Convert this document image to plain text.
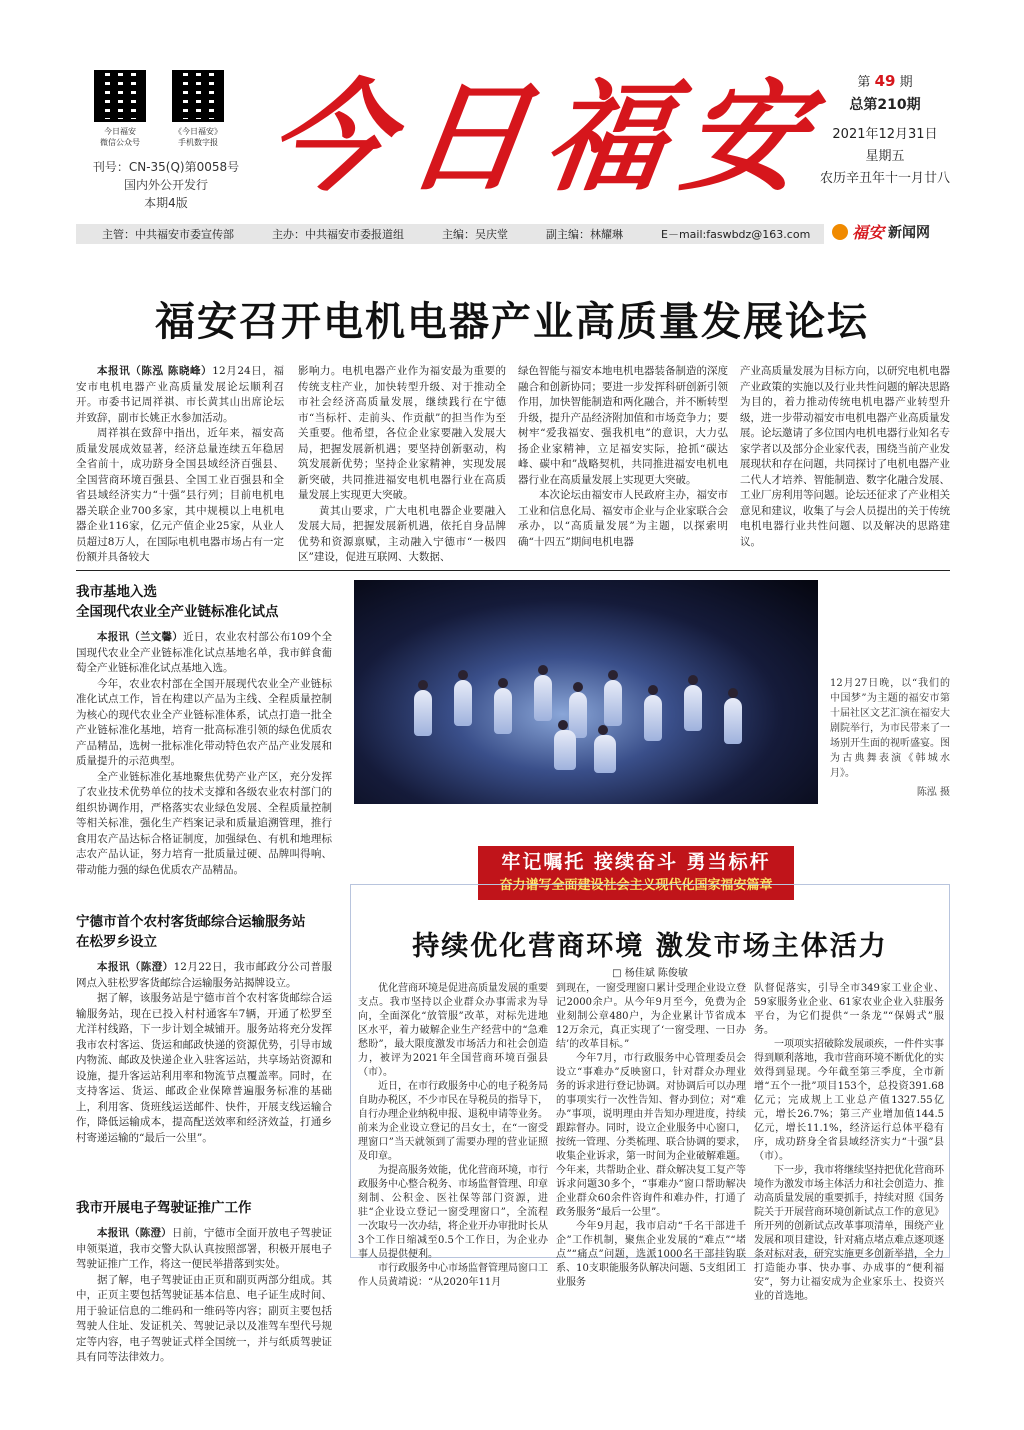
今日福安
微信公众号
《今日福安》
手机数字报
刊号：CN-35(Q)第0058号
国内外公开发行
本期4版 今日福安	第 49 期
总第210期
2021年12月31日
星期五
农历辛丑年十一月廿八
主管：中共福安市委宣传部	主办：中共福安市委报道组	主编：吴庆堂	副主编：林耀琳	E－mail:faswbdz@163.com	福安 新闻网
福安召开电机电器产业高质量发展论坛

本报讯（陈泓 陈晓峰）12月24日，福安市电机电器产业高质量发展论坛顺利召开。市委书记周祥祺、市长黄其山出席论坛并致辞，副市长姚正水参加活动。

周祥祺在致辞中指出，近年来，福安高质量发展成效显著，经济总量连续五年稳居全省前十，成功跻身全国县域经济百强县、全国营商环境百强县、全国工业百强县和全省县域经济实力“十强”县行列；目前电机电器关联企业700多家，其中规模以上电机电器企业116家，亿元产值企业25家，从业人员超过8万人，在国际电机电器市场占有一定份额并具备较大

影响力。电机电器产业作为福安最为重要的传统支柱产业，加快转型升级、对于推动全市社会经济高质量发展，继续践行在宁德市“当标杆、走前头、作贡献”的担当作为至关重要。他希望，各位企业家要融入发展大局，把握发展新机遇；要坚持创新驱动，构筑发展新优势；坚持企业家精神，实现发展新突破，共同推进福安电机电器行业在高质量发展上实现更大突破。

黄其山要求，广大电机电器企业要融入发展大局，把握发展新机遇，依托自身品牌优势和资源禀赋，主动融入宁德市“一极四区”建设，促进互联网、大数据、

绿色智能与福安本地电机电器装备制造的深度融合和创新协同；要进一步发挥科研创新引领作用，加快智能制造和两化融合，并不断转型升级，提升产品经济附加值和市场竞争力；要树牢“爱我福安、强我机电”的意识，大力弘扬企业家精神，立足福安实际，抢抓“碳达峰、碳中和”战略契机，共同推进福安电机电器行业在高质量发展上实现更大突破。

本次论坛由福安市人民政府主办，福安市工业和信息化局、福安市企业与企业家联合会承办，以“高质量发展”为主题，以探索明确“十四五”期间电机电器

产业高质量发展为目标方向，以研究电机电器产业政策的实施以及行业共性问题的解决思路为目的，着力推动传统电机电器产业转型升级，进一步带动福安市电机电器产业高质量发展。论坛邀请了多位国内电机电器行业知名专家学者以及部分企业家代表，围绕当前产业发展现状和存在问题，共同探讨了电机电器产业二代人才培养、智能制造、数字化融合发展、工业厂房利用等问题。论坛还征求了产业相关意见和建议，收集了与会人员提出的关于传统电机电器行业共性问题、以及解决的思路建议。

我市基地入选
全国现代农业全产业链标准化试点

本报讯（兰文馨）近日，农业农村部公布109个全国现代农业全产业链标准化试点基地名单，我市鲜食葡萄全产业链标准化试点基地入选。

今年，农业农村部在全国开展现代农业全产业链标准化试点工作，旨在构建以产品为主线、全程质量控制为核心的现代农业全产业链标准体系，试点打造一批全产业链标准化基地，培育一批高标准引领的绿色优质农产品精品，选树一批标准化带动特色农产品产业发展和质量提升的示范典型。

全产业链标准化基地聚焦优势产业产区，充分发挥了农业技术优势单位的技术支撑和各级农业农村部门的组织协调作用，严格落实农业绿色发展、全程质量控制等相关标准，强化生产档案记录和质量追溯管理，推行食用农产品达标合格证制度，加强绿色、有机和地理标志农产品认证，努力培育一批质量过硬、品牌叫得响、带动能力强的绿色优质农产品精品。

宁德市首个农村客货邮综合运输服务站
在松罗乡设立

本报讯（陈澄）12月22日，我市邮政分公司普服网点入驻松罗客货邮综合运输服务站揭牌设立。

据了解，该服务站是宁德市首个农村客货邮综合运输服务站，现在已投入村村通客车7辆，开通了松罗至尤洋村线路，下一步计划全城铺开。服务站将充分发挥我市农村客运、货运和邮政快递的资源优势，引导市域内物流、邮政及快递企业入驻客运站，共享场站资源和设施，提升客运站利用率和物流节点覆盖率。同时，在支持客运、货运、邮政企业保障普遍服务标准的基础上，利用客、货班线运送邮件、快件，开展支线运输合作，降低运输成本，提高配送效率和经济效益，打通乡村寄递运输的“最后一公里”。

我市开展电子驾驶证推广工作

本报讯（陈澄）日前，宁德市全面开放电子驾驶证申领渠道，我市交警大队认真按照部署，积极开展电子驾驶证推广工作，将这一便民举措落到实处。

据了解，电子驾驶证由正页和副页两部分组成。其中，正页主要包括驾驶证基本信息、电子证生成时间、用于验证信息的二维码和一维码等内容；副页主要包括驾驶人住址、发证机关、驾驶记录以及准驾车型代号规定等内容，电子驾驶证式样全国统一，并与纸质驾驶证具有同等法律效力。

12月27日晚，以“我们的中国梦”为主题的福安市第十届社区文艺汇演在福安大剧院举行，为市民带来了一场别开生面的视听盛宴。图为古典舞表演《韩城水月》。
陈泓 摄
牢记嘱托 接续奋斗 勇当标杆
奋力谱写全面建设社会主义现代化国家福安篇章
持续优化营商环境 激发市场主体活力
□ 杨佳斌 陈俊敏

优化营商环境是促进高质量发展的重要支点。我市坚持以企业群众办事需求为导向，全面深化“放管服”改革，对标先进地区水平，着力破解企业生产经营中的“急难愁盼”，最大限度激发市场活力和社会创造力，被评为2021年全国营商环境百强县（市）。

近日，在市行政服务中心的电子税务局自助办税区，不少市民在导税员的指导下，自行办理企业纳税申报、退税申请等业务。前来为企业设立登记的吕女士，在“一窗受理窗口”当天就领到了需要办理的营业证照及印章。

为提高服务效能，优化营商环境，市行政服务中心整合税务、市场监督管理、印章刻制、公积金、医社保等部门资源，进驻“企业设立登记一窗受理窗口”，全流程一次取号一次办结，将企业开办审批时长从3个工作日缩减至0.5个工作日，为企业办事人员提供便利。

市行政服务中心市场监督管理局窗口工作人员黄靖说：“从2020年11月

到现在，一窗受理窗口累计受理企业设立登记2000余户。从今年9月至今，免费为企业刻制公章480户，为企业累计节省成本12万余元，真正实现了‘一窗受理、一日办结’的改革目标。”

今年7月，市行政服务中心管理委员会设立“事难办”反映窗口，针对群众办理业务的诉求进行登记协调。对协调后可以办理的事项实行一次性告知、督办到位；对“难办”事项，说明理由并告知办理进度，持续跟踪督办。同时，设立企业服务中心窗口，按统一管理、分类梳理、联合协调的要求，收集企业诉求，第一时间为企业破解难题。今年来，共帮助企业、群众解决复工复产等诉求问题30多个，“事难办”窗口帮助解决企业群众60余件咨询件和难办件，打通了政务服务“最后一公里”。

今年9月起，我市启动“千名干部进千企”工作机制，聚焦企业发展的“难点”“堵点”“痛点”问题，选派1000名干部挂钩联系、10支职能服务队解决问题、5支组团工业服务

队督促落实，引导全市349家工业企业、59家服务业企业、61家农业企业入驻服务平台，为它们提供“一条龙”“保姆式”服务。

一项项实招破除发展顽疾，一件件实事得到顺利落地，我市营商环境不断优化的实效得到显现。今年截至第三季度，全市新增“五个一批”项目153个，总投资391.68亿元；完成规上工业总产值1327.55亿元，增长26.7%；第三产业增加值144.5亿元，增长11.1%，经济运行总体平稳有序，成功跻身全省县域经济实力“十强”县（市）。

下一步，我市将继续坚持把优化营商环境作为激发市场主体活力和社会创造力、推动高质量发展的重要抓手，持续对照《国务院关于开展营商环境创新试点工作的意见》所开列的创新试点改革事项清单，围绕产业发展和项目建设，针对痛点堵点难点逐项逐条对标对表，研究实施更多创新举措，全力打造能办事、快办事、办成事的“便利福安”，努力让福安成为企业家乐土、投资兴业的首选地。
